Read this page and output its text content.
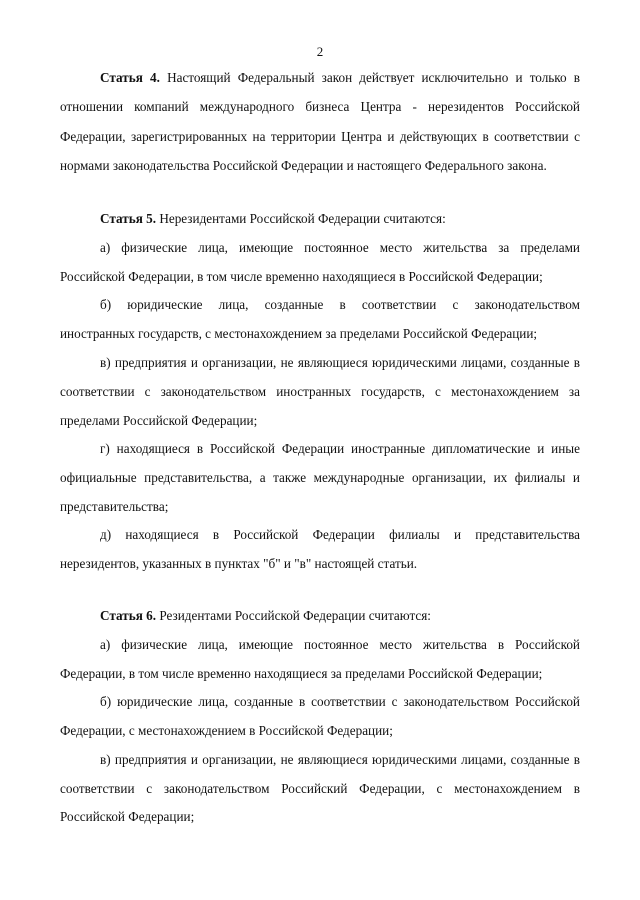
2
Статья 4. Настоящий Федеральный закон действует исключительно и только в
отношении компаний международного бизнеса Центра - нерезидентов Российской
Федерации, зарегистрированных на территории Центра и действующих в соответствии с
нормами законодательства Российской Федерации и настоящего Федерального закона.
Статья 5. Нерезидентами Российской Федерации считаются:
а) физические лица, имеющие постоянное место жительства за пределами
Российской Федерации, в том числе временно находящиеся в Российской Федерации;
б) юридические лица, созданные в соответствии с законодательством
иностранных государств, с местонахождением за пределами Российской Федерации;
в) предприятия и организации, не являющиеся юридическими лицами, созданные в
соответствии с законодательством иностранных государств, с местонахождением за
пределами Российской Федерации;
г) находящиеся в Российской Федерации иностранные дипломатические и иные
официальные представительства, а также международные организации, их филиалы и
представительства;
д) находящиеся в Российской Федерации филиалы и представительства
нерезидентов, указанных в пунктах "б" и "в" настоящей статьи.
Статья 6. Резидентами Российской Федерации считаются:
а) физические лица, имеющие постоянное место жительства в Российской
Федерации, в том числе временно находящиеся за пределами Российской Федерации;
б) юридические лица, созданные в соответствии с законодательством Российской
Федерации, с местонахождением в Российской Федерации;
в) предприятия и организации, не являющиеся юридическими лицами, созданные в
соответствии с законодательством Российский Федерации, с местонахождением в
Российской Федерации;
